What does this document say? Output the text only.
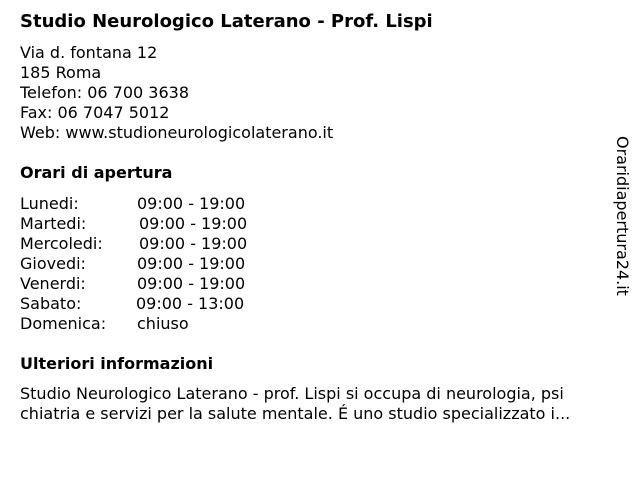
Studio Neurologico Laterano - Prof. Lispi
Via d. fontana 12
185 Roma
Telefon: 06 700 3638
Fax: 06 7047 5012
Web: www.studioneurologicolaterano.it
Orari di apertura
Lunedi:	09:00 - 19:00
Martedi:	09:00 - 19:00
Mercoledi: 09:00 - 19:00
Giovedi:	09:00 - 19:00
Venerdi:	09:00 - 19:00
Sabato:	09:00 - 13:00
Domenica: chiuso
Ulteriori informazioni
Studio Neurologico Laterano - prof. Lispi si occupa di neurologia, psi
chiatria e servizi per la salute mentale. É uno studio specializzato i...
Oraridiapertura24.it
